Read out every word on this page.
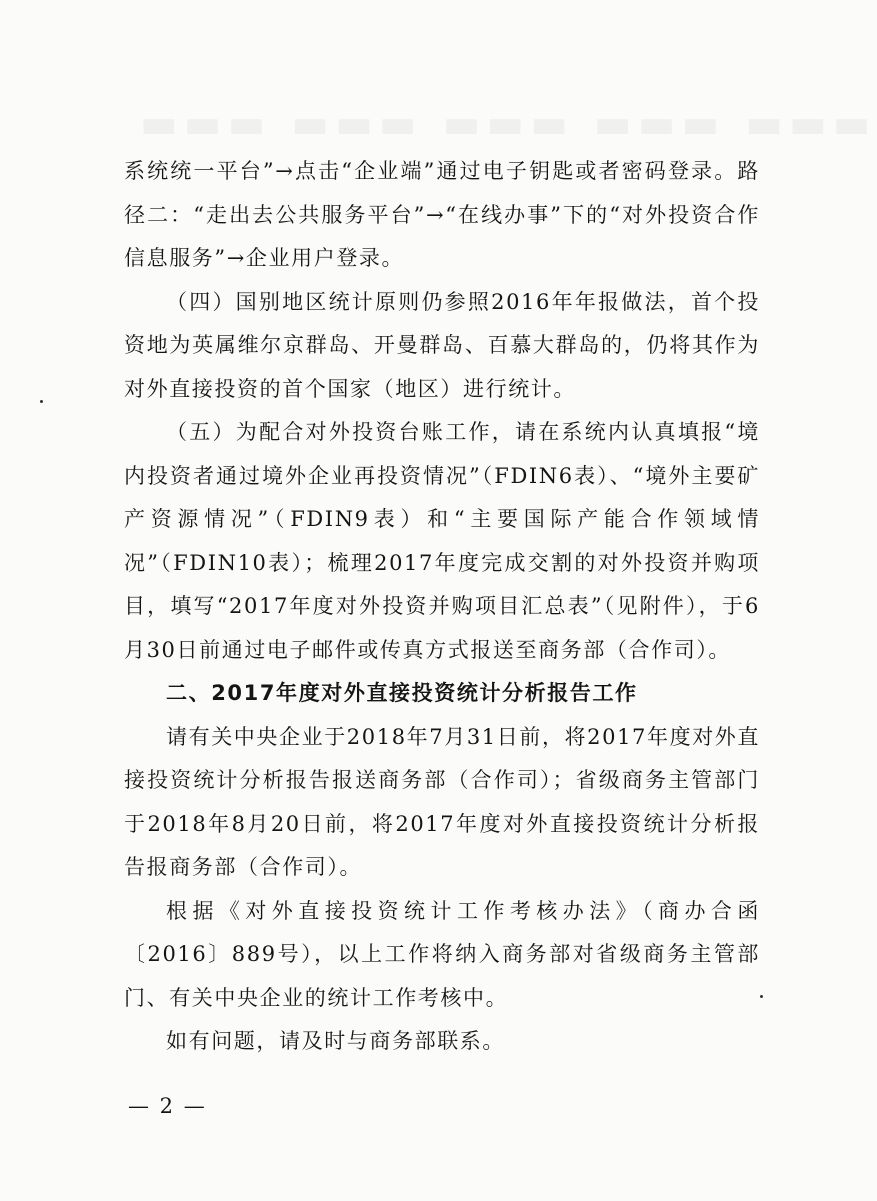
▬▬▬ ▬▬▬ ▬▬▬ ▬▬▬ ▬▬▬

系统统一平台”→点击“企业端”通过电子钥匙或者密码登录。路径二：“走出去公共服务平台”→“在线办事”下的“对外投资合作信息服务”→企业用户登录。

（四）国别地区统计原则仍参照2016年年报做法，首个投资地为英属维尔京群岛、开曼群岛、百慕大群岛的，仍将其作为对外直接投资的首个国家（地区）进行统计。

（五）为配合对外投资台账工作，请在系统内认真填报“境内投资者通过境外企业再投资情况”（FDIN6表）、“境外主要矿产资源情况”（FDIN9表）和“主要国际产能合作领域情况”（FDIN10表）；梳理2017年度完成交割的对外投资并购项目，填写“2017年度对外投资并购项目汇总表”（见附件），于6月30日前通过电子邮件或传真方式报送至商务部（合作司）。

二、2017年度对外直接投资统计分析报告工作

请有关中央企业于2018年7月31日前，将2017年度对外直接投资统计分析报告报送商务部（合作司）；省级商务主管部门于2018年8月20日前，将2017年度对外直接投资统计分析报告报商务部（合作司）。

根据《对外直接投资统计工作考核办法》（商办合函〔2016〕889号），以上工作将纳入商务部对省级商务主管部门、有关中央企业的统计工作考核中。

如有问题，请及时与商务部联系。

— 2 —
